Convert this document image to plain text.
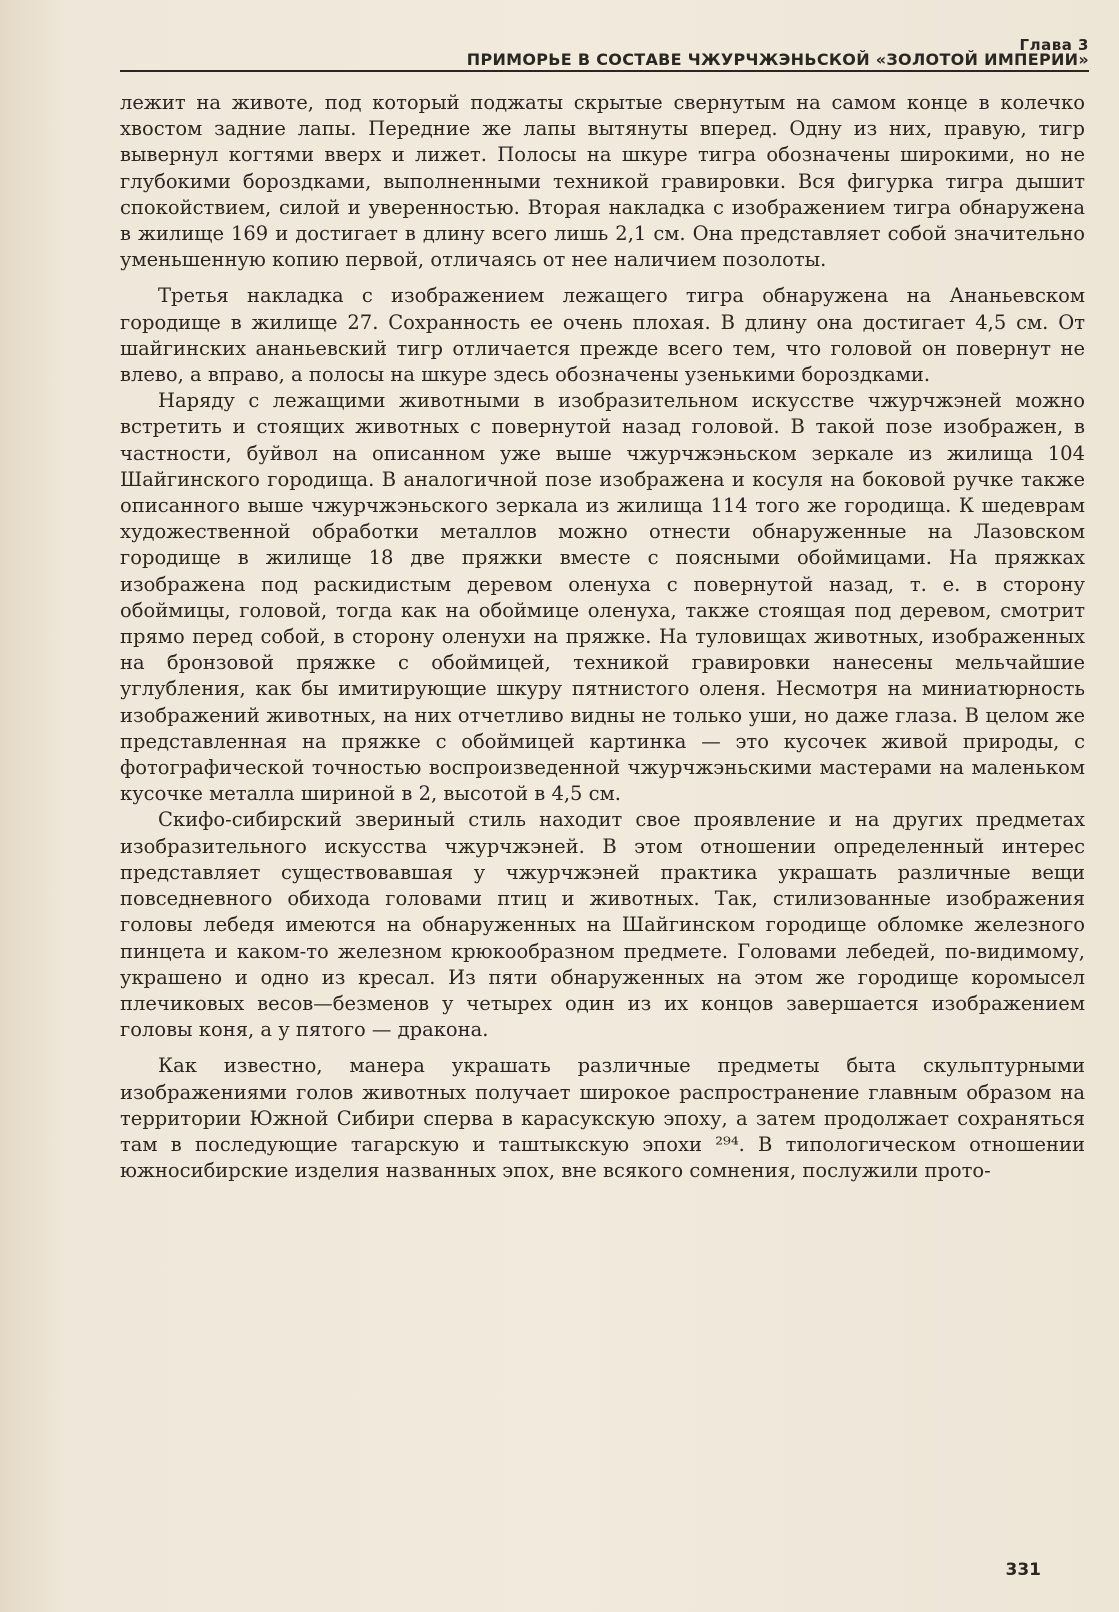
Глава 3
ПРИМОРЬЕ В СОСТАВЕ ЧЖУРЧЖЭНЬСКОЙ «ЗОЛОТОЙ ИМПЕРИИ»

лежит на животе, под который поджаты скрытые свернутым на самом конце в колечко хвостом задние лапы. Передние же лапы вытянуты вперед. Одну из них, правую, тигр вывернул когтями вверх и лижет. Полосы на шкуре тигра обозначены широкими, но не глубокими бороздками, выполненными техникой гравировки. Вся фигурка тигра дышит спокойствием, силой и уверенностью. Вторая накладка с изображением тигра обнаружена в жилище 169 и достигает в длину всего лишь 2,1 см. Она представляет собой значительно уменьшенную копию первой, отличаясь от нее наличием позолоты.

Третья накладка с изображением лежащего тигра обнаружена на Ананьевском городище в жилище 27. Сохранность ее очень плохая. В длину она достигает 4,5 см. От шайгинских ананьевский тигр отличается прежде всего тем, что головой он повернут не влево, а вправо, а полосы на шкуре здесь обозначены узенькими бороздками.

Наряду с лежащими животными в изобразительном искусстве чжурчжэней можно встретить и стоящих животных с повернутой назад головой. В такой позе изображен, в частности, буйвол на описанном уже выше чжурчжэньском зеркале из жилища 104 Шайгинского городища. В аналогичной позе изображена и косуля на боковой ручке также описанного выше чжурчжэньского зеркала из жилища 114 того же городища. К шедеврам художественной обработки металлов можно отнести обнаруженные на Лазовском городище в жилище 18 две пряжки вместе с поясными обоймицами. На пряжках изображена под раскидистым деревом оленуха с повернутой назад, т. е. в сторону обоймицы, головой, тогда как на обоймице оленуха, также стоящая под деревом, смотрит прямо перед собой, в сторону оленухи на пряжке. На туловищах животных, изображенных на бронзовой пряжке с обоймицей, техникой гравировки нанесены мельчайшие углубления, как бы имитирующие шкуру пятнистого оленя. Несмотря на миниатюрность изображений животных, на них отчетливо видны не только уши, но даже глаза. В целом же представленная на пряжке с обоймицей картинка — это кусочек живой природы, с фотографической точностью воспроизведенной чжурчжэньскими мастерами на маленьком кусочке металла шириной в 2, высотой в 4,5 см.

Скифо-сибирский звериный стиль находит свое проявление и на других предметах изобразительного искусства чжурчжэней. В этом отношении определенный интерес представляет существовавшая у чжурчжэней практика украшать различные вещи повседневного обихода головами птиц и животных. Так, стилизованные изображения головы лебедя имеются на обнаруженных на Шайгинском городище обломке железного пинцета и каком-то железном крюкообразном предмете. Головами лебедей, по-видимому, украшено и одно из кресал. Из пяти обнаруженных на этом же городище коромысел плечиковых весов—безменов у четырех один из их концов завершается изображением головы коня, а у пятого — дракона.

Как известно, манера украшать различные предметы быта скульптурными изображениями голов животных получает широкое распространение главным образом на территории Южной Сибири сперва в карасукскую эпоху, а затем продолжает сохраняться там в последующие тагарскую и таштыкскую эпохи ²⁹⁴. В типологическом отношении южносибирские изделия названных эпох, вне всякого сомнения, послужили прото-

331
